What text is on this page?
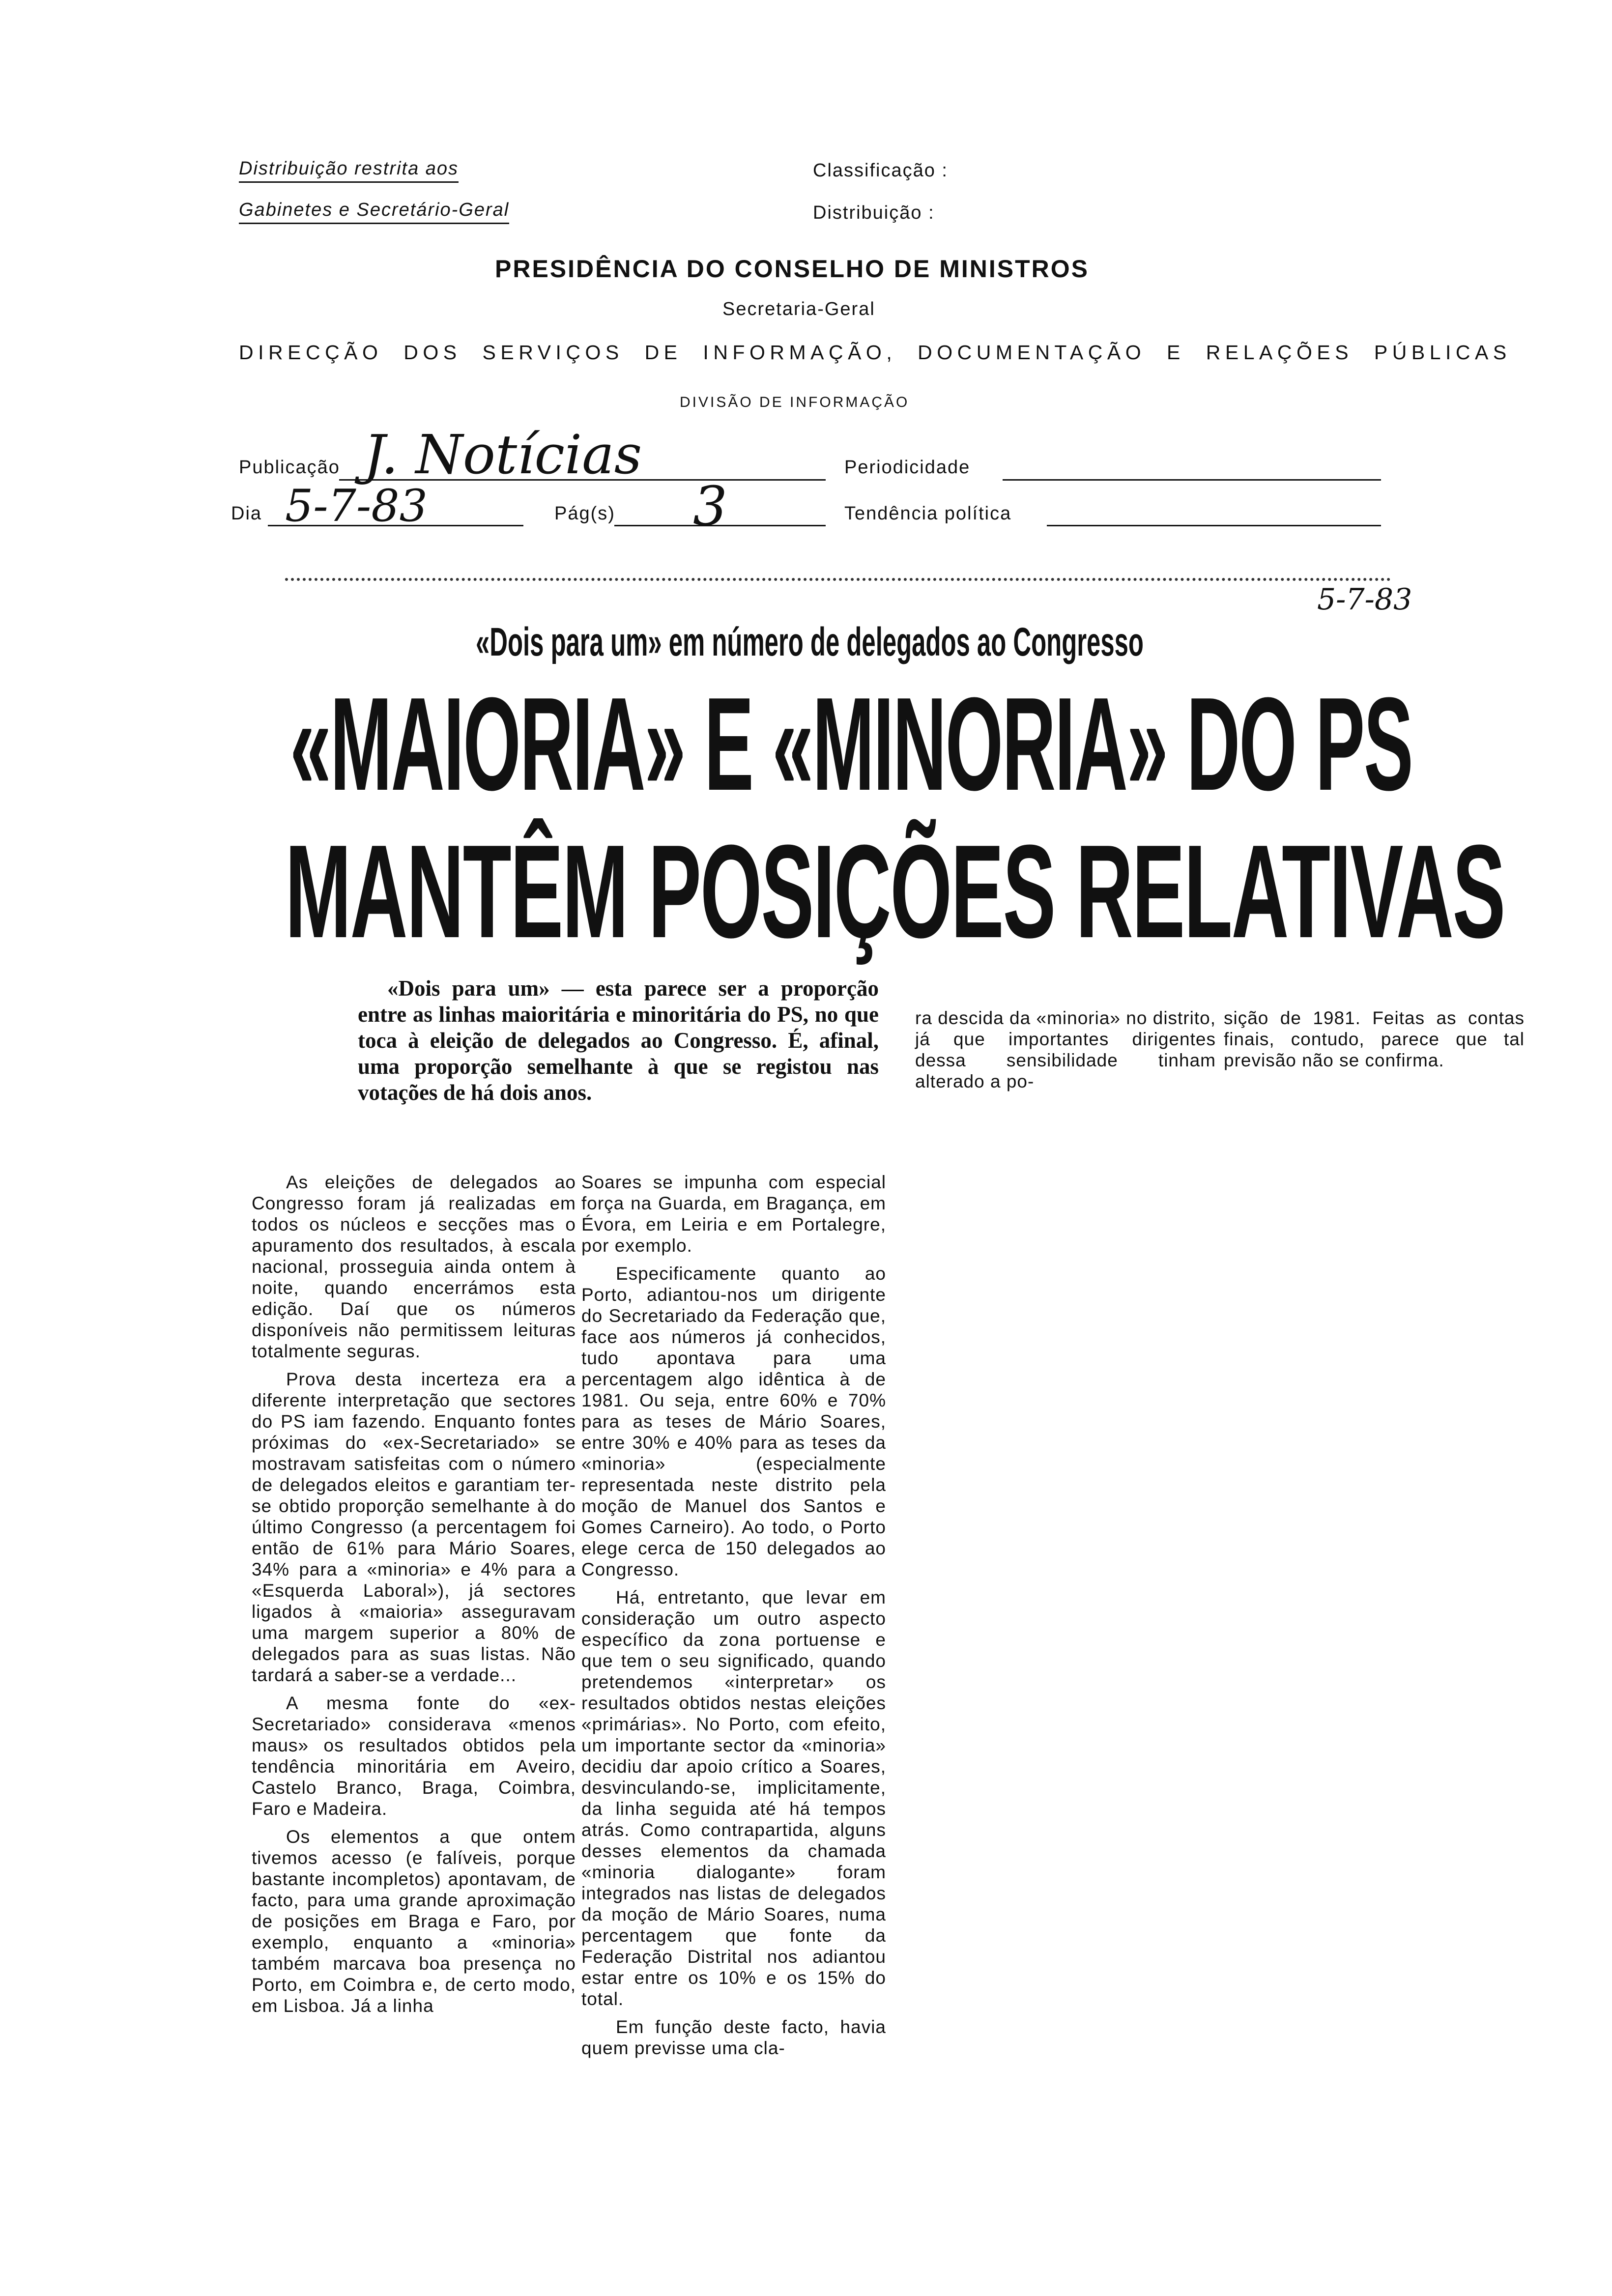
Distribuição restrita aos
Gabinetes e Secretário-Geral
Classificação :
Distribuição :
PRESIDÊNCIA DO CONSELHO DE MINISTROS
Secretaria-Geral
DIRECÇÃO DOS SERVIÇOS DE INFORMAÇÃO, DOCUMENTAÇÃO E RELAÇÕES PÚBLICAS
DIVISÃO DE INFORMAÇÃO
Publicação J. Notícias	Periodicidade
Dia 5-7-83	Pág(s) 3	Tendência política
5-7-83
«Dois para um» em número de delegados ao Congresso
«MAIORIA» E «MINORIA» DO PS
MANTÊM POSIÇÕES RELATIVAS
«Dois para um» — esta parece ser a proporção entre as linhas maioritária e minoritária do PS, no que toca à eleição de delegados ao Congresso. É, afinal, uma proporção semelhante à que se registou nas votações de há dois anos.

As eleições de delegados ao Congresso foram já realizadas em todos os núcleos e secções mas o apuramento dos resultados, à escala nacional, prosseguia ainda ontem à noite, quando encerrámos esta edição. Daí que os números disponíveis não permitissem leituras totalmente seguras.

Prova desta incerteza era a diferente interpretação que sectores do PS iam fazendo. Enquanto fontes próximas do «ex-Secretariado» se mostravam satisfeitas com o número de delegados eleitos e garantiam ter-se obtido proporção semelhante à do último Congresso (a percentagem foi então de 61% para Mário Soares, 34% para a «minoria» e 4% para a «Esquerda Laboral»), já sectores ligados à «maioria» asseguravam uma margem superior a 80% de delegados para as suas listas. Não tardará a saber-se a verdade...

A mesma fonte do «ex-Secretariado» considerava «menos maus» os resultados obtidos pela tendência minoritária em Aveiro, Castelo Branco, Braga, Coimbra, Faro e Madeira.

Os elementos a que ontem tivemos acesso (e falíveis, porque bastante incompletos) apontavam, de facto, para uma grande aproximação de posições em Braga e Faro, por exemplo, enquanto a «minoria» também marcava boa presença no Porto, em Coimbra e, de certo modo, em Lisboa. Já a linha

Soares se impunha com especial força na Guarda, em Bragança, em Évora, em Leiria e em Portalegre, por exemplo.

Especificamente quanto ao Porto, adiantou-nos um dirigente do Secretariado da Federação que, face aos números já conhecidos, tudo apontava para uma percentagem algo idêntica à de 1981. Ou seja, entre 60% e 70% para as teses de Mário Soares, entre 30% e 40% para as teses da «minoria» (especialmente representada neste distrito pela moção de Manuel dos Santos e Gomes Carneiro). Ao todo, o Porto elege cerca de 150 delegados ao Congresso.

Há, entretanto, que levar em consideração um outro aspecto específico da zona portuense e que tem o seu significado, quando pretendemos «interpretar» os resultados obtidos nestas eleições «primárias». No Porto, com efeito, um importante sector da «minoria» decidiu dar apoio crítico a Soares, desvinculando-se, implicitamente, da linha seguida até há tempos atrás. Como contrapartida, alguns desses elementos da chamada «minoria dialogante» foram integrados nas listas de delegados da moção de Mário Soares, numa percentagem que fonte da Federação Distrital nos adiantou estar entre os 10% e os 15% do total.

Em função deste facto, havia quem previsse uma cla-

ra descida da «minoria» no distrito, já que importantes dirigentes dessa sensibilidade tinham alterado a po-

sição de 1981. Feitas as contas finais, contudo, parece que tal previsão não se confirma.
